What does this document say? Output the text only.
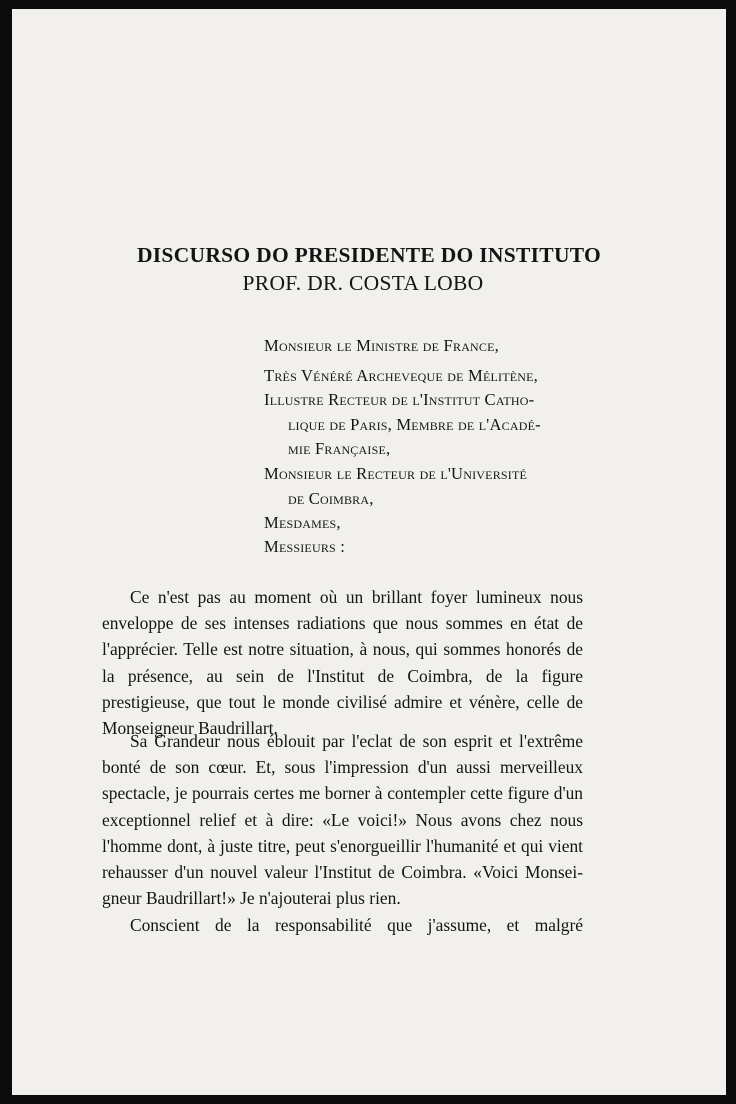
DISCURSO DO PRESIDENTE DO INSTITUTO
PROF. DR. COSTA LOBO
Monsieur le Ministre de France,
Très Vénéré Archeveque de Mélitène,
Illustre Recteur de l'Institut Catho-
lique de Paris, Membre de l'Acadé-
mie Française,
Monsieur le Recteur de l'Université
de Coimbra,
Mesdames,
Messieurs :

Ce n'est pas au moment où un brillant foyer lumineux nous enveloppe de ses intenses radiations que nous sommes en état de l'apprécier. Telle est notre situation, à nous, qui sommes honorés de la présence, au sein de l'Institut de Coimbra, de la figure prestigieuse, que tout le monde civilisé admire et vénère, celle de Monseigneur Baudrillart.

Sa Grandeur nous éblouit par l'eclat de son esprit et l'extrême bonté de son cœur. Et, sous l'impression d'un aussi merveilleux spectacle, je pourrais certes me borner à contempler cette figure d'un exceptionnel relief et à dire: «Le voici!» Nous avons chez nous l'homme dont, à juste titre, peut s'enorgueillir l'humanité et qui vient rehausser d'un nouvel valeur l'Institut de Coimbra. «Voici Monseigneur Baudrillart!» Je n'ajouterai plus rien.

Conscient de la responsabilité que j'assume, et malgré
